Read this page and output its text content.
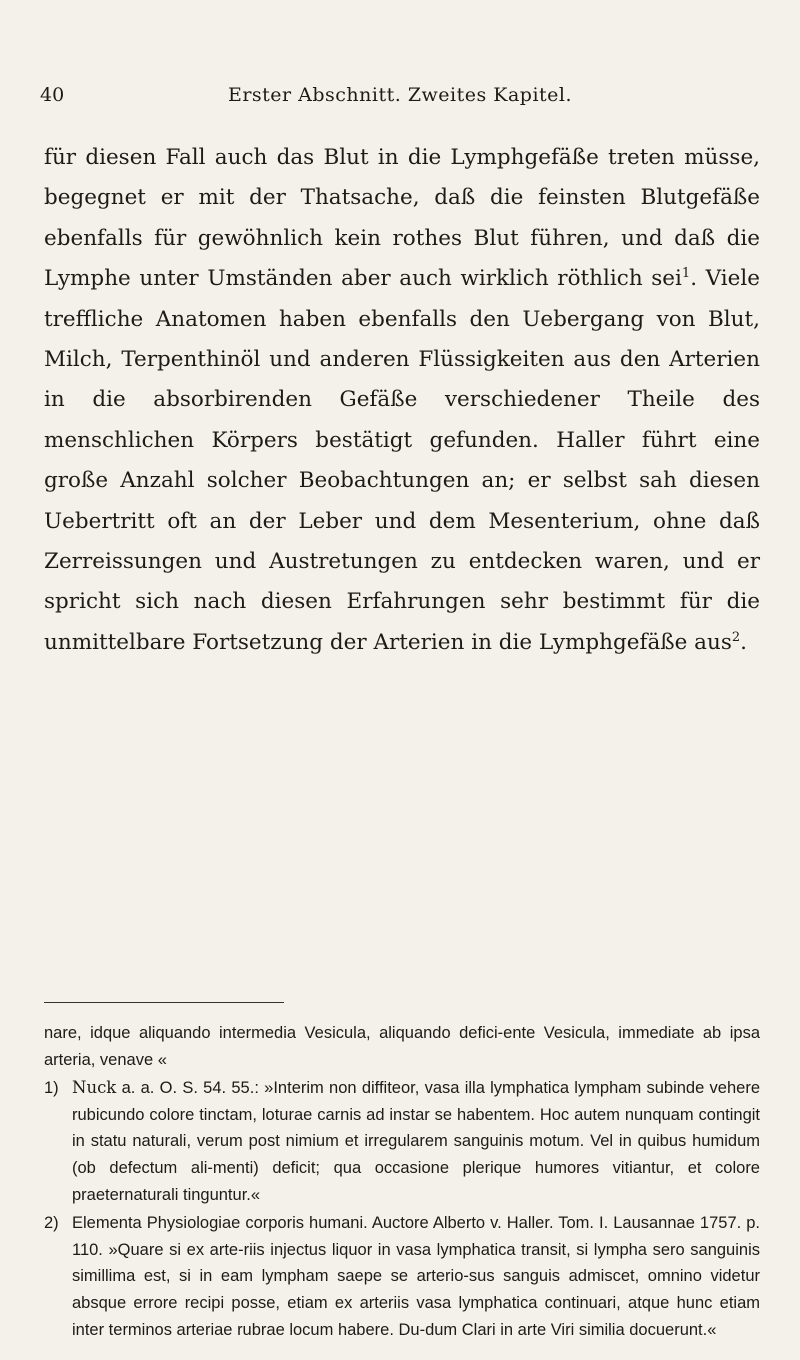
40	Erster Abschnitt. Zweites Kapitel.

für diesen Fall auch das Blut in die Lymphgefäße treten müsse, begegnet er mit der Thatsache, daß die feinsten Blutgefäße ebenfalls für gewöhnlich kein rothes Blut führen, und daß die Lymphe unter Umständen aber auch wirklich röthlich sei$^1$. Viele treffliche Anatomen haben ebenfalls den Uebergang von Blut, Milch, Terpenthinöl und anderen Flüssigkeiten aus den Arterien in die absorbirenden Gefäße verschiedener Theile des menschlichen Körpers bestätigt gefunden. Haller führt eine große Anzahl solcher Beobachtungen an; er selbst sah diesen Uebertritt oft an der Leber und dem Mesenterium, ohne daß Zerreissungen und Austretungen zu entdecken waren, und er spricht sich nach diesen Erfahrungen sehr bestimmt für die unmittelbare Fortsetzung der Arterien in die Lymphgefäße aus$^2$.

nare, idque aliquando intermedia Vesicula, aliquando defici-ente Vesicula, immediate ab ipsa arteria, venave «

1) Nuck a. a. O. S. 54. 55.: »Interim non diffiteor, vasa illa lymphatica lympham subinde vehere rubicundo colore tinctam, loturae carnis ad instar se habentem. Hoc autem nunquam contingit in statu naturali, verum post nimium et irregularem sanguinis motum. Vel in quibus humidum (ob defectum ali-menti) deficit; qua occasione plerique humores vitiantur, et colore praeternaturali tinguntur.«

2) Elementa Physiologiae corporis humani. Auctore Alberto v. Haller. Tom. I. Lausannae 1757. p. 110. »Quare si ex arte-riis injectus liquor in vasa lymphatica transit, si lympha sero sanguinis simillima est, si in eam lympham saepe se arterio-sus sanguis admiscet, omnino videtur absque errore recipi posse, etiam ex arteriis vasa lymphatica continuari, atque hunc etiam inter terminos arteriae rubrae locum habere. Du-dum Clari in arte Viri similia docuerunt.«
